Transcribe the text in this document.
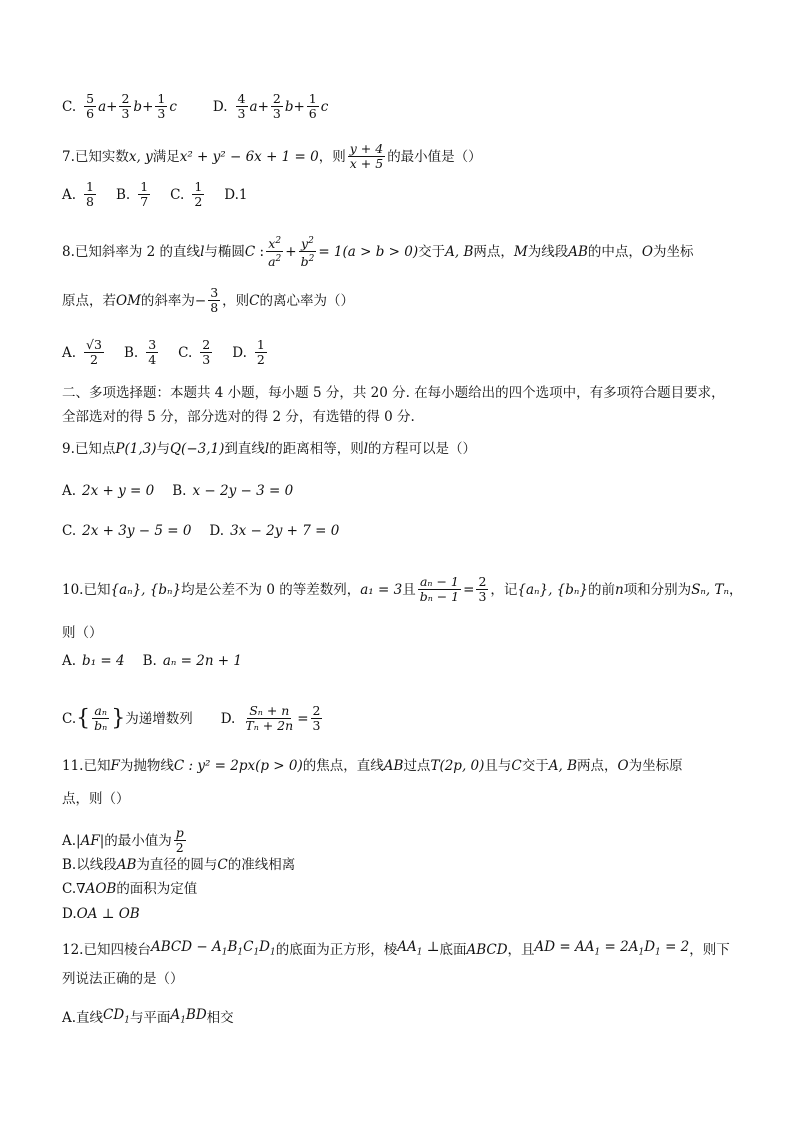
C. $\frac{5}{6}$ $a + \frac{2}{3}$ $b + \frac{1}{3}$ c	D. $\frac{4}{3}$ $a + \frac{2}{3}$ $b + \frac{1}{6}$ c
7.已知实数 x, y 满足 x² + y² − 6x + 1 = 0 ，则 $\frac{y + 4}{x + 5}$ 的最小值是（）
A. $\frac{1}{8} B$. $\frac{1}{7} C$. $\frac{1}{2} D.1$
8.已知斜率为 2 的直线 l 与椭圆 C : $\frac{x^2}{a^2} + \frac{y^2}{b^2} = 1(a > b > 0)$ 交于 A, B 两点， M 为线段 AB 的中点， O 为坐标
原点，若 OM 的斜率为 − $\frac{3}{8}$ ，则 C 的离心率为（）
A. $\frac{√3}{2} B$. $\frac{3}{4} C$. $\frac{2}{3} D$. $\frac{1}{2}$
二、多项选择题：本题共 4 小题，每小题 5 分，共 20 分. 在每小题给出的四个选项中，有多项符合题目要求，
全部选对的得 5 分，部分选对的得 2 分，有选错的得 0 分.
9.已知点 P(1,3) 与 Q(−3,1) 到直线 l 的距离相等，则 l 的方程可以是（）
A. 2x + y = 0 B. x − 2y − 3 = 0
C. 2x + 3y − 5 = 0 D. 3x − 2y + 7 = 0
10.已知 {aₙ}, {bₙ} 均是公差不为 0 的等差数列， a₁ = 3 且 $\frac{\text{aₙ − 1}}{\text{bₙ − 1}} = \frac{2}{3}$ ，记 {aₙ}, {bₙ} 的前 n 项和分别为 Sₙ, Tₙ ，
则（）
A. b₁ = 4 B. aₙ = 2n + 1
C. { $\frac{\text{aₙ}}{\text{bₙ}}$ } 为递增数列 D. $\frac{\text{Sₙ + n}}{\text{Tₙ + 2n}} = \frac{2}{3}$
11.已知 F 为抛物线 C : y² = 2px(p > 0) 的焦点，直线 AB 过点 T(2p, 0) 且与 C 交于 A, B 两点， O 为坐标原
点，则（）
A. |AF| 的最小值为 $\frac{p}{2}$
B.以线段 AB 为直径的圆与 C 的准线相离
C. ∇AOB 的面积为定值
D. OA ⊥ OB
12.已知四棱台 ABCD − $A_1B_1C_1D_1$ 的底面为正方形，棱 $AA_1$ ⊥ 底面 ABCD ，且 AD = $AA_1 = 2A_1D_1 = 2$ ，则下
列说法正确的是（）
A.直线 $CD_1$ 与平面 $A_1BD$ 相交
